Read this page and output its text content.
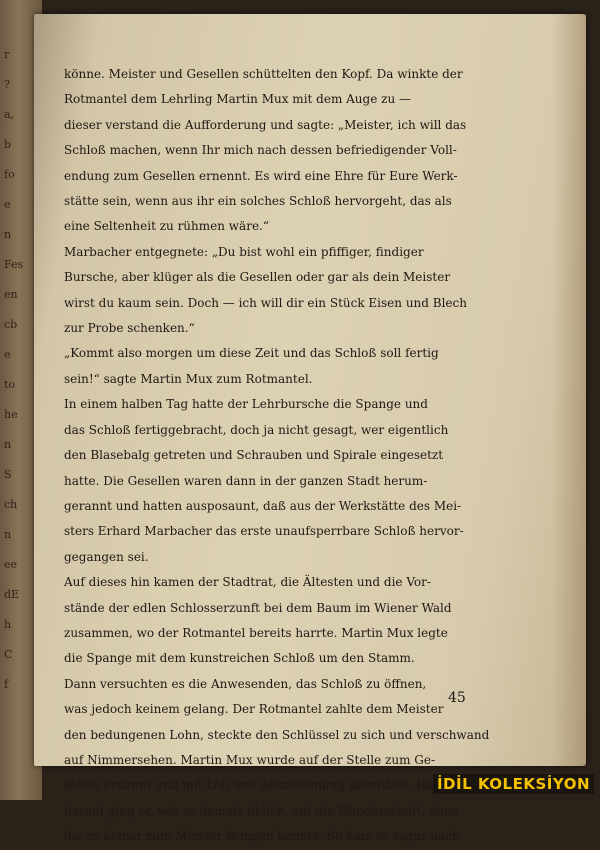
r
?
a,
b
fo
e
n
Fes
en
cb
e
to
he
n
S
ch
n
ee
dE
h
C
f
könne. Meister und Gesellen schüttelten den Kopf. Da winkte der
Rotmantel dem Lehrling Martin Mux mit dem Auge zu —
dieser verstand die Aufforderung und sagte: „Meister, ich will das
Schloß machen, wenn Ihr mich nach dessen befriedigender Voll-
endung zum Gesellen ernennt. Es wird eine Ehre für Eure Werk-
stätte sein, wenn aus ihr ein solches Schloß hervorgeht, das als
eine Seltenheit zu rühmen wäre.“
Marbacher entgegnete: „Du bist wohl ein pfiffiger, findiger
Bursche, aber klüger als die Gesellen oder gar als dein Meister
wirst du kaum sein. Doch — ich will dir ein Stück Eisen und Blech
zur Probe schenken.“
„Kommt also morgen um diese Zeit und das Schloß soll fertig
sein!“ sagte Martin Mux zum Rotmantel.
In einem halben Tag hatte der Lehrbursche die Spange und
das Schloß fertiggebracht, doch ja nicht gesagt, wer eigentlich
den Blasebalg getreten und Schrauben und Spirale eingesetzt
hatte. Die Gesellen waren dann in der ganzen Stadt herum-
gerannt und hatten ausposaunt, daß aus der Werkstätte des Mei-
sters Erhard Marbacher das erste unaufsperrbare Schloß hervor-
gegangen sei.
Auf dieses hin kamen der Stadtrat, die Ältesten und die Vor-
stände der edlen Schlosserzunft bei dem Baum im Wiener Wald
zusammen, wo der Rotmantel bereits harrte. Martin Mux legte
die Spange mit dem kunstreichen Schloß um den Stamm.
Dann versuchten es die Anwesenden, das Schloß zu öffnen,
was jedoch keinem gelang. Der Rotmantel zahlte dem Meister
den bedungenen Lohn, steckte den Schlüssel zu sich und verschwand
auf Nimmersehen. Martin Mux wurde auf der Stelle zum Ge-
sellen ernannt und mit Lob und Auszeichnung überhäuft. Bald
darauf ging er, wie es damals üblich, auf die Wanderschaft, ohne
die es keiner zum Meister bringen konnte. So kam er sogar nach
45
İDİL KOLEKSİYON
